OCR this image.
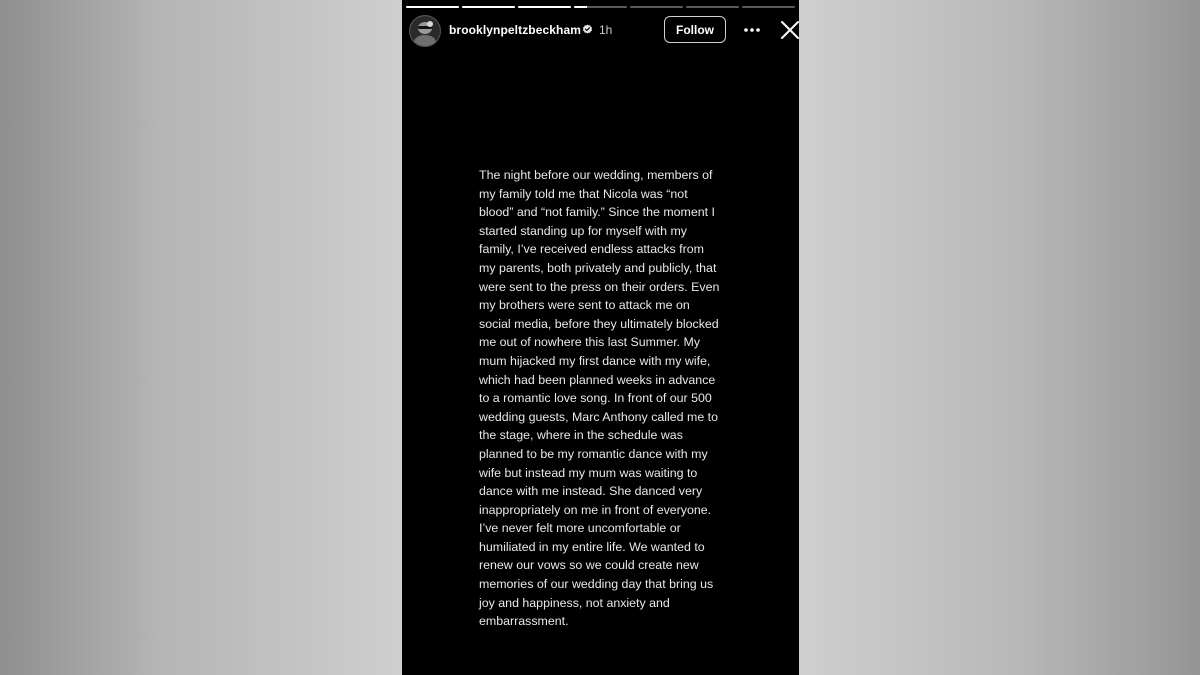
brooklynpeltzbeckham 1h	Follow

The night before our wedding, members of
my family told me that Nicola was “not
blood” and “not family.” Since the moment I
started standing up for myself with my
family, I’ve received endless attacks from
my parents, both privately and publicly, that
were sent to the press on their orders. Even
my brothers were sent to attack me on
social media, before they ultimately blocked
me out of nowhere this last Summer. My
mum hijacked my first dance with my wife,
which had been planned weeks in advance
to a romantic love song. In front of our 500
wedding guests, Marc Anthony called me to
the stage, where in the schedule was
planned to be my romantic dance with my
wife but instead my mum was waiting to
dance with me instead. She danced very
inappropriately on me in front of everyone.
I’ve never felt more uncomfortable or
humiliated in my entire life. We wanted to
renew our vows so we could create new
memories of our wedding day that bring us
joy and happiness, not anxiety and
embarrassment.
